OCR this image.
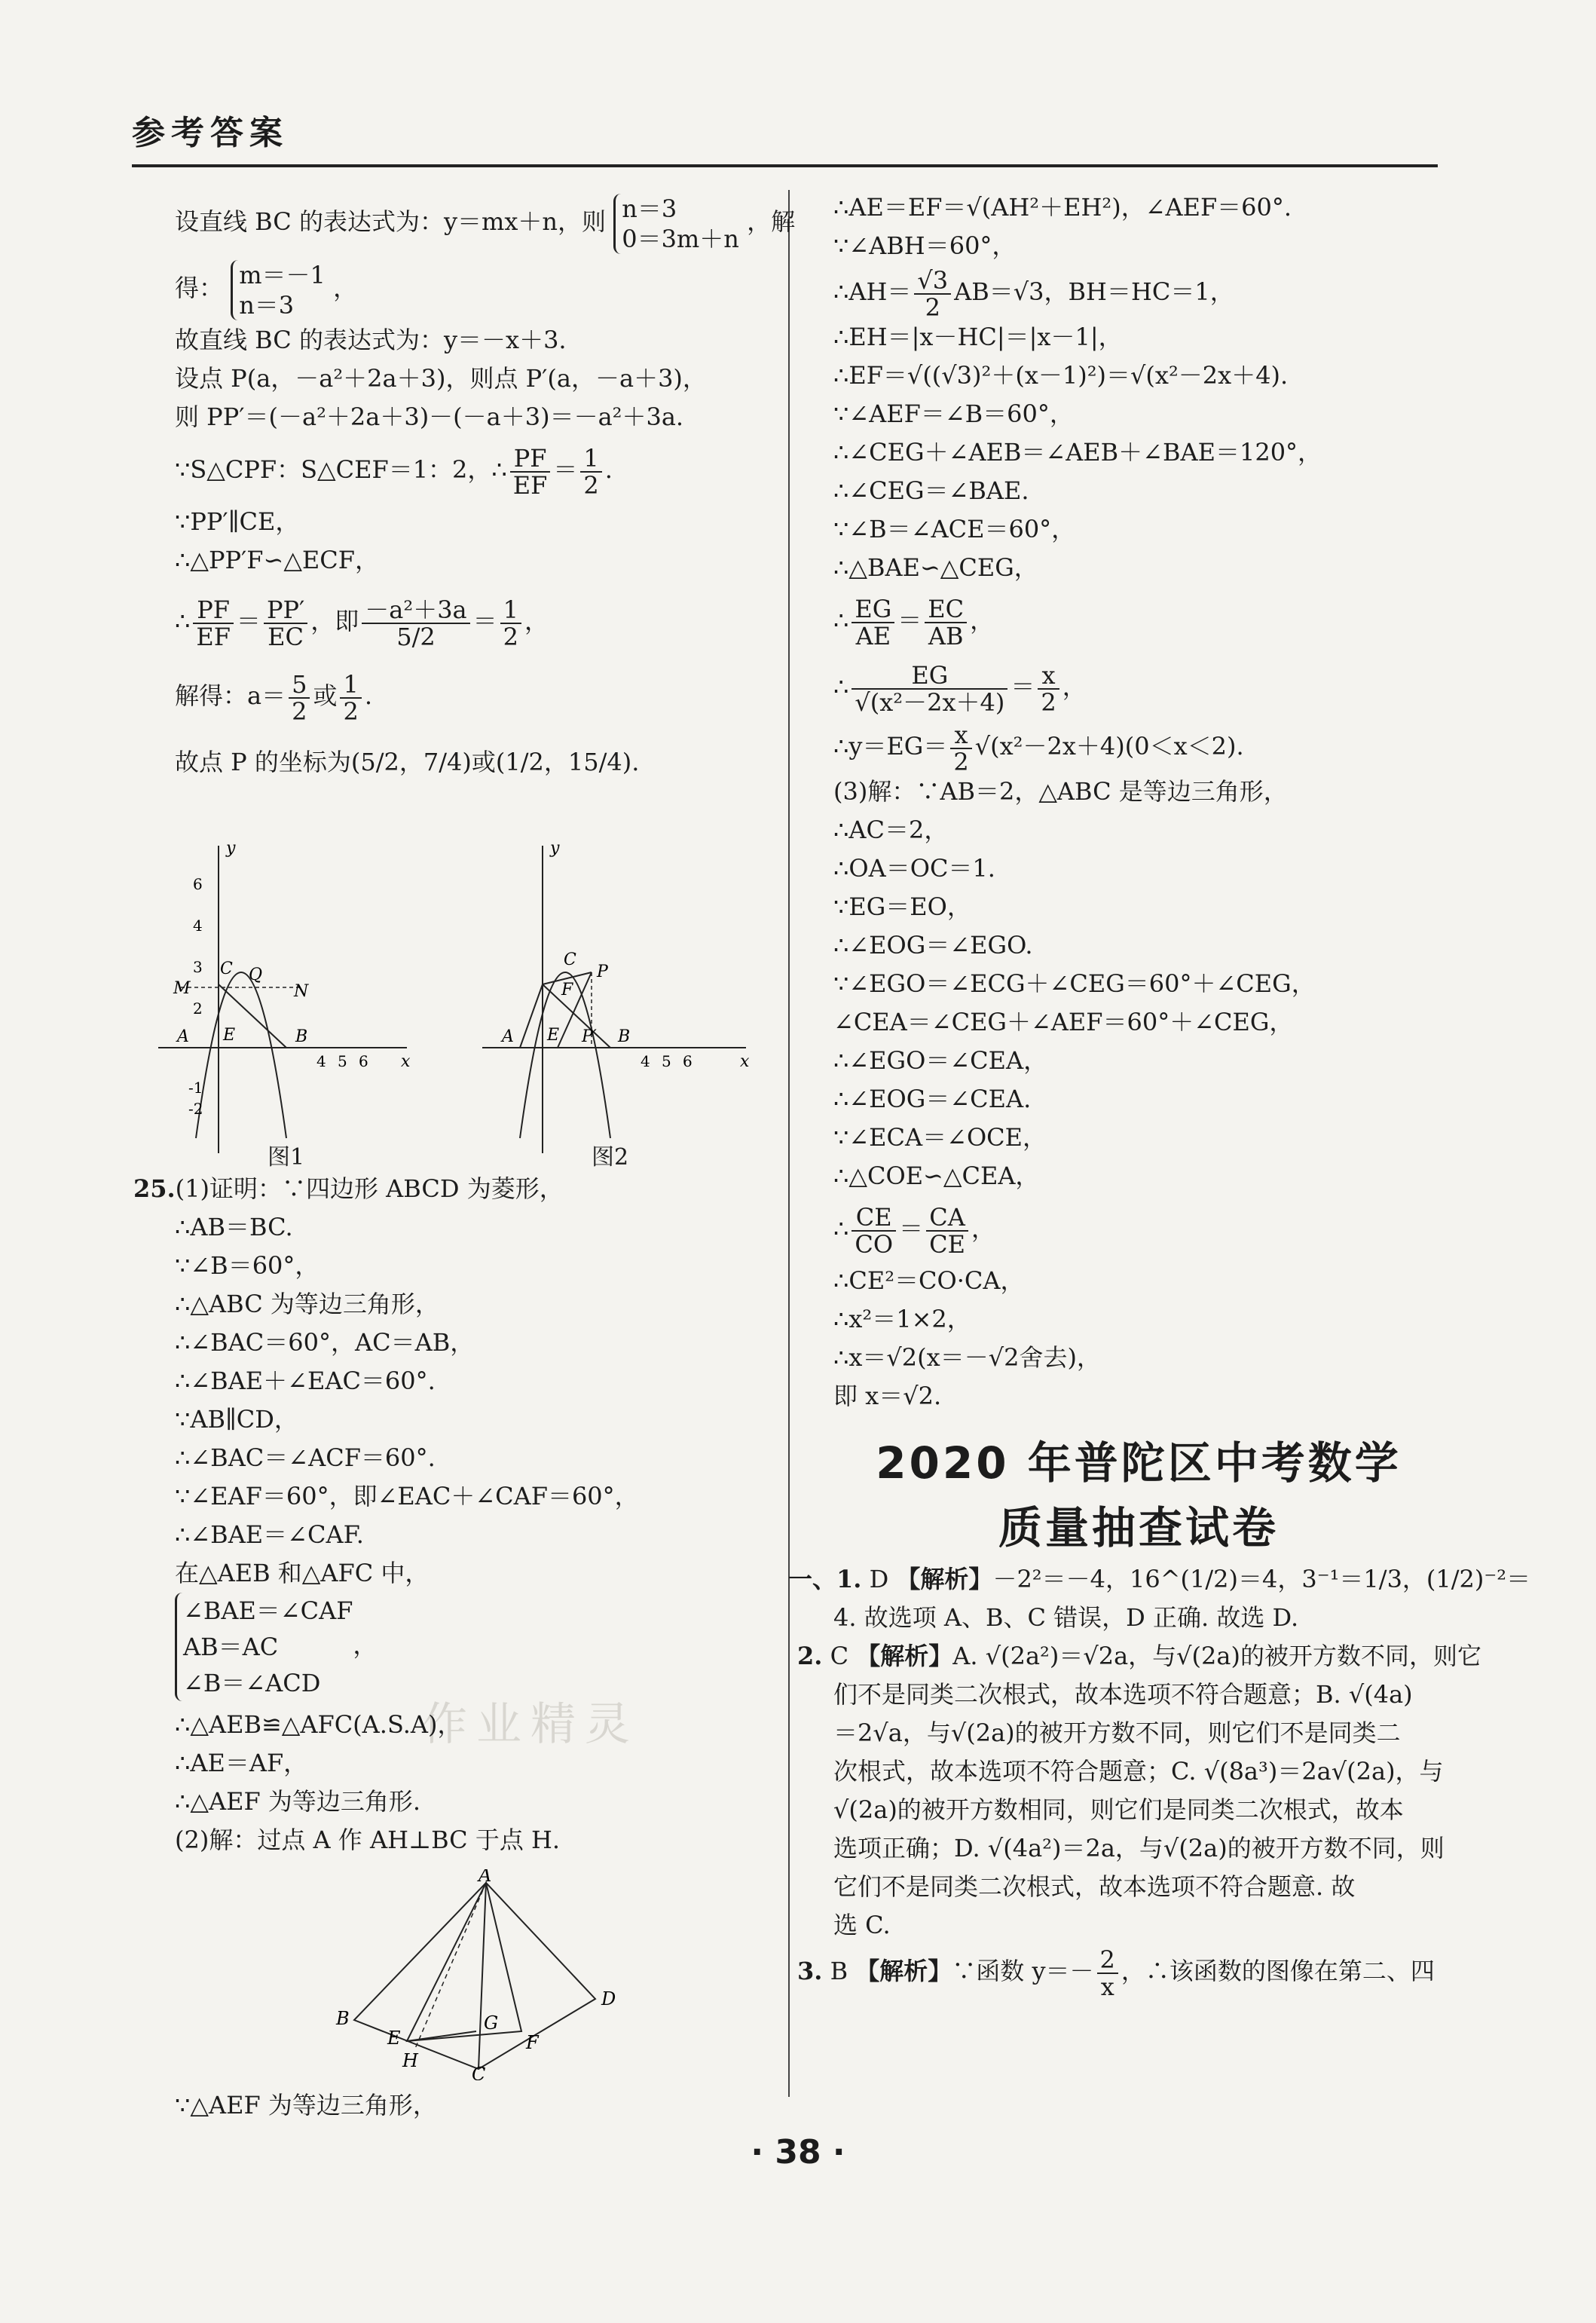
参考答案
作业精灵
设直线 BC 的表达式为：y＝mx＋n，则 n＝3
0＝3m＋n ，解
得： m＝－1
n＝3 ，
故直线 BC 的表达式为：y＝－x＋3.
设点 P(a，－a²＋2a＋3)，则点 P′(a，－a＋3)，
则 PP′＝(－a²＋2a＋3)－(－a＋3)＝－a²＋3a.
∵S△CPF：S△CEF＝1：2，∴ $\frac{PF}{EF} = \frac{1}{2}$ .
∵PP′∥CE，
∴△PP′F∽△ECF，
∴ $\frac{PF}{EF} = \frac{PP'}{EC}$ ，即 $\frac{\text{－a²＋3a}}{5/2} = \frac{1}{2}$ ，
解得：$a= \frac{5}{2}$ 或 $\frac{1}{2}$ .
故点 P 的坐标为(5/2，7/4)或(1/2，15/4).
y
x
6
4
3
2
-1
-2
4 5 6
C Q
M	N
A E	B
y
x
4 5 6
C
F
P
E
A	B
P′
图1	图2
25.(1)证明：∵四边形 ABCD 为菱形，
∴AB＝BC.
∵∠B＝60°，
∴△ABC 为等边三角形，
∴∠BAC＝60°，AC＝AB，
∴∠BAE＋∠EAC＝60°.
∵AB∥CD，
∴∠BAC＝∠ACF＝60°.
∵∠EAF＝60°，即∠EAC＋∠CAF＝60°，
∴∠BAE＝∠CAF.
在△AEB 和△AFC 中，
∠BAE＝∠CAF
AB＝AC
∠B＝∠ACD，
∴△AEB≌△AFC(A.S.A)，
∴AE＝AF，
∴△AEF 为等边三角形.
(2)解：过点 A 作 AH⊥BC 于点 H.
A
B
D
E
H
G
F
C
∵△AEF 为等边三角形，
∴AE＝EF＝√(AH²＋EH²)，∠AEF＝60°.
∵∠ABH＝60°，
∴AH＝ $\frac{√3}{2} AB=√3$，BH＝HC＝1，
∴EH＝|x－HC|＝|x－1|，
∴EF＝√((√3)²＋(x－1)²)＝√(x²－2x＋4).
∵∠AEF＝∠B＝60°，
∴∠CEG＋∠AEB＝∠AEB＋∠BAE＝120°，
∴∠CEG＝∠BAE.
∵∠B＝∠ACE＝60°，
∴△BAE∽△CEG，
∴ $\frac{EG}{AE} = \frac{EC}{AB}$ ，
∴ $\frac{EG}{\text{√(x²－2x＋4)}} = \frac{x}{2}$ ，
∴y＝EG＝ $\frac{x}{2} √(x^2-2x+4)(0<x<2)$.
(3)解：∵AB＝2，△ABC 是等边三角形，
∴AC＝2，
∴OA＝OC＝1.
∵EG＝EO，
∴∠EOG＝∠EGO.
∵∠EGO＝∠ECG＋∠CEG＝60°＋∠CEG，
∠CEA＝∠CEG＋∠AEF＝60°＋∠CEG，
∴∠EGO＝∠CEA，
∴∠EOG＝∠CEA.
∵∠ECA＝∠OCE，
∴△COE∽△CEA，
∴ $\frac{CE}{CO} = \frac{CA}{CE}$ ，
∴CE²＝CO·CA，
∴x²＝1×2，
∴x＝√2(x＝－√2舍去)，
即 x＝√2.
2020 年普陀区中考数学
质量抽查试卷
一、1. D 【解析】－2²＝－4，16^(1/2)＝4，3⁻¹＝1/3，(1/2)⁻²＝
4. 故选项 A、B、C 错误，D 正确. 故选 D.
2. C 【解析】A. √(2a²)＝√2a，与√(2a)的被开方数不同，则它
们不是同类二次根式，故本选项不符合题意；B. √(4a)
＝2√a，与√(2a)的被开方数不同，则它们不是同类二
次根式，故本选项不符合题意；C. √(8a³)＝2a√(2a)，与
√(2a)的被开方数相同，则它们是同类二次根式，故本
选项正确；D. √(4a²)＝2a，与√(2a)的被开方数不同，则
它们不是同类二次根式，故本选项不符合题意. 故
选 C.
3. B 【解析】∵函数 $y=- \frac{2}{x}$ ，∴该函数的图像在第二、四
· 38 ·
